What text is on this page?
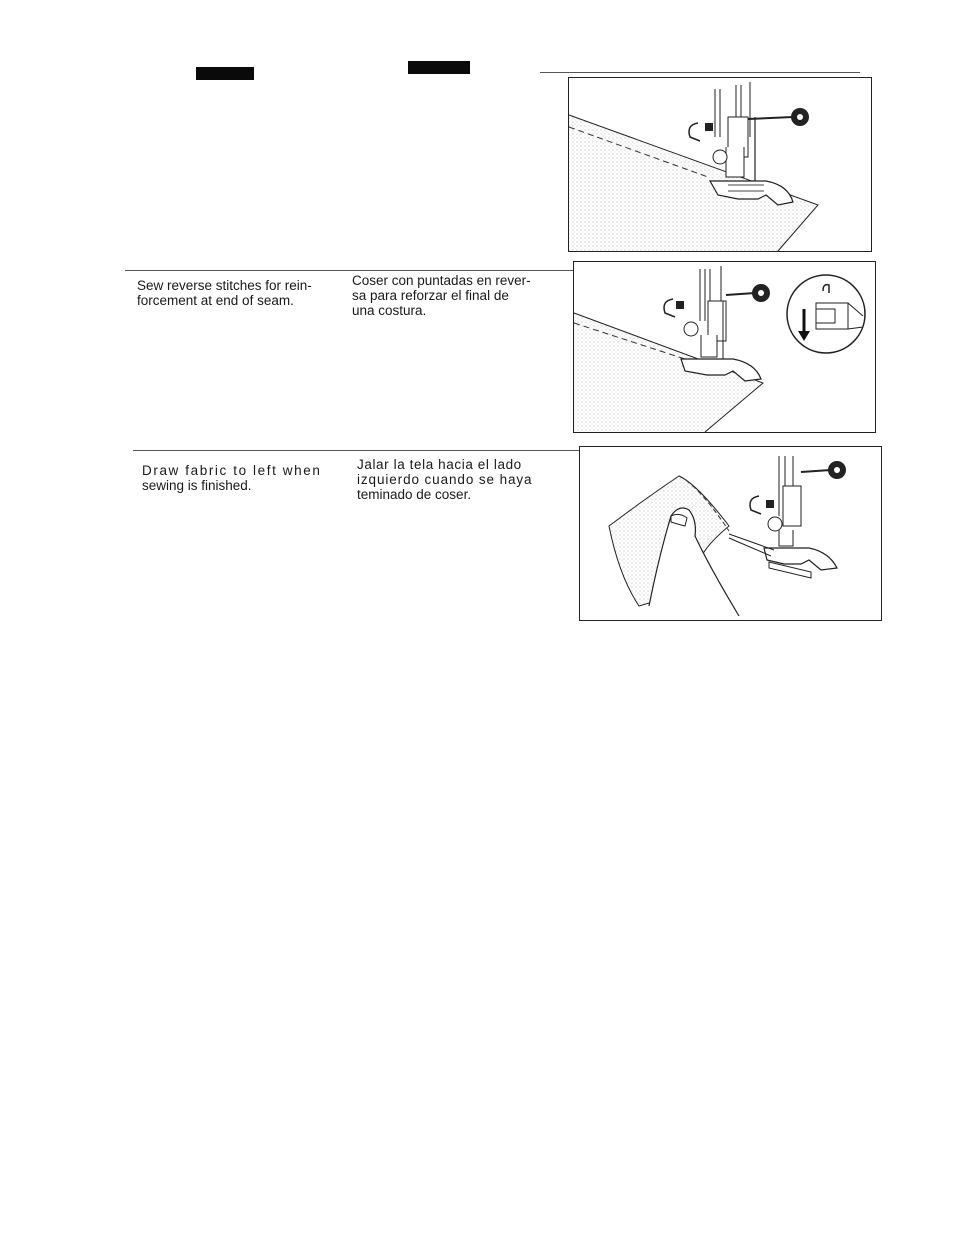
Sew reverse stitches for rein-
forcement at end of seam.
Coser con puntadas en rever-
sa para reforzar el final de
una costura.
Draw fabric to left when
sewing is finished.
Jalar la tela hacia el lado
izquierdo cuando se haya
teminado de coser.
